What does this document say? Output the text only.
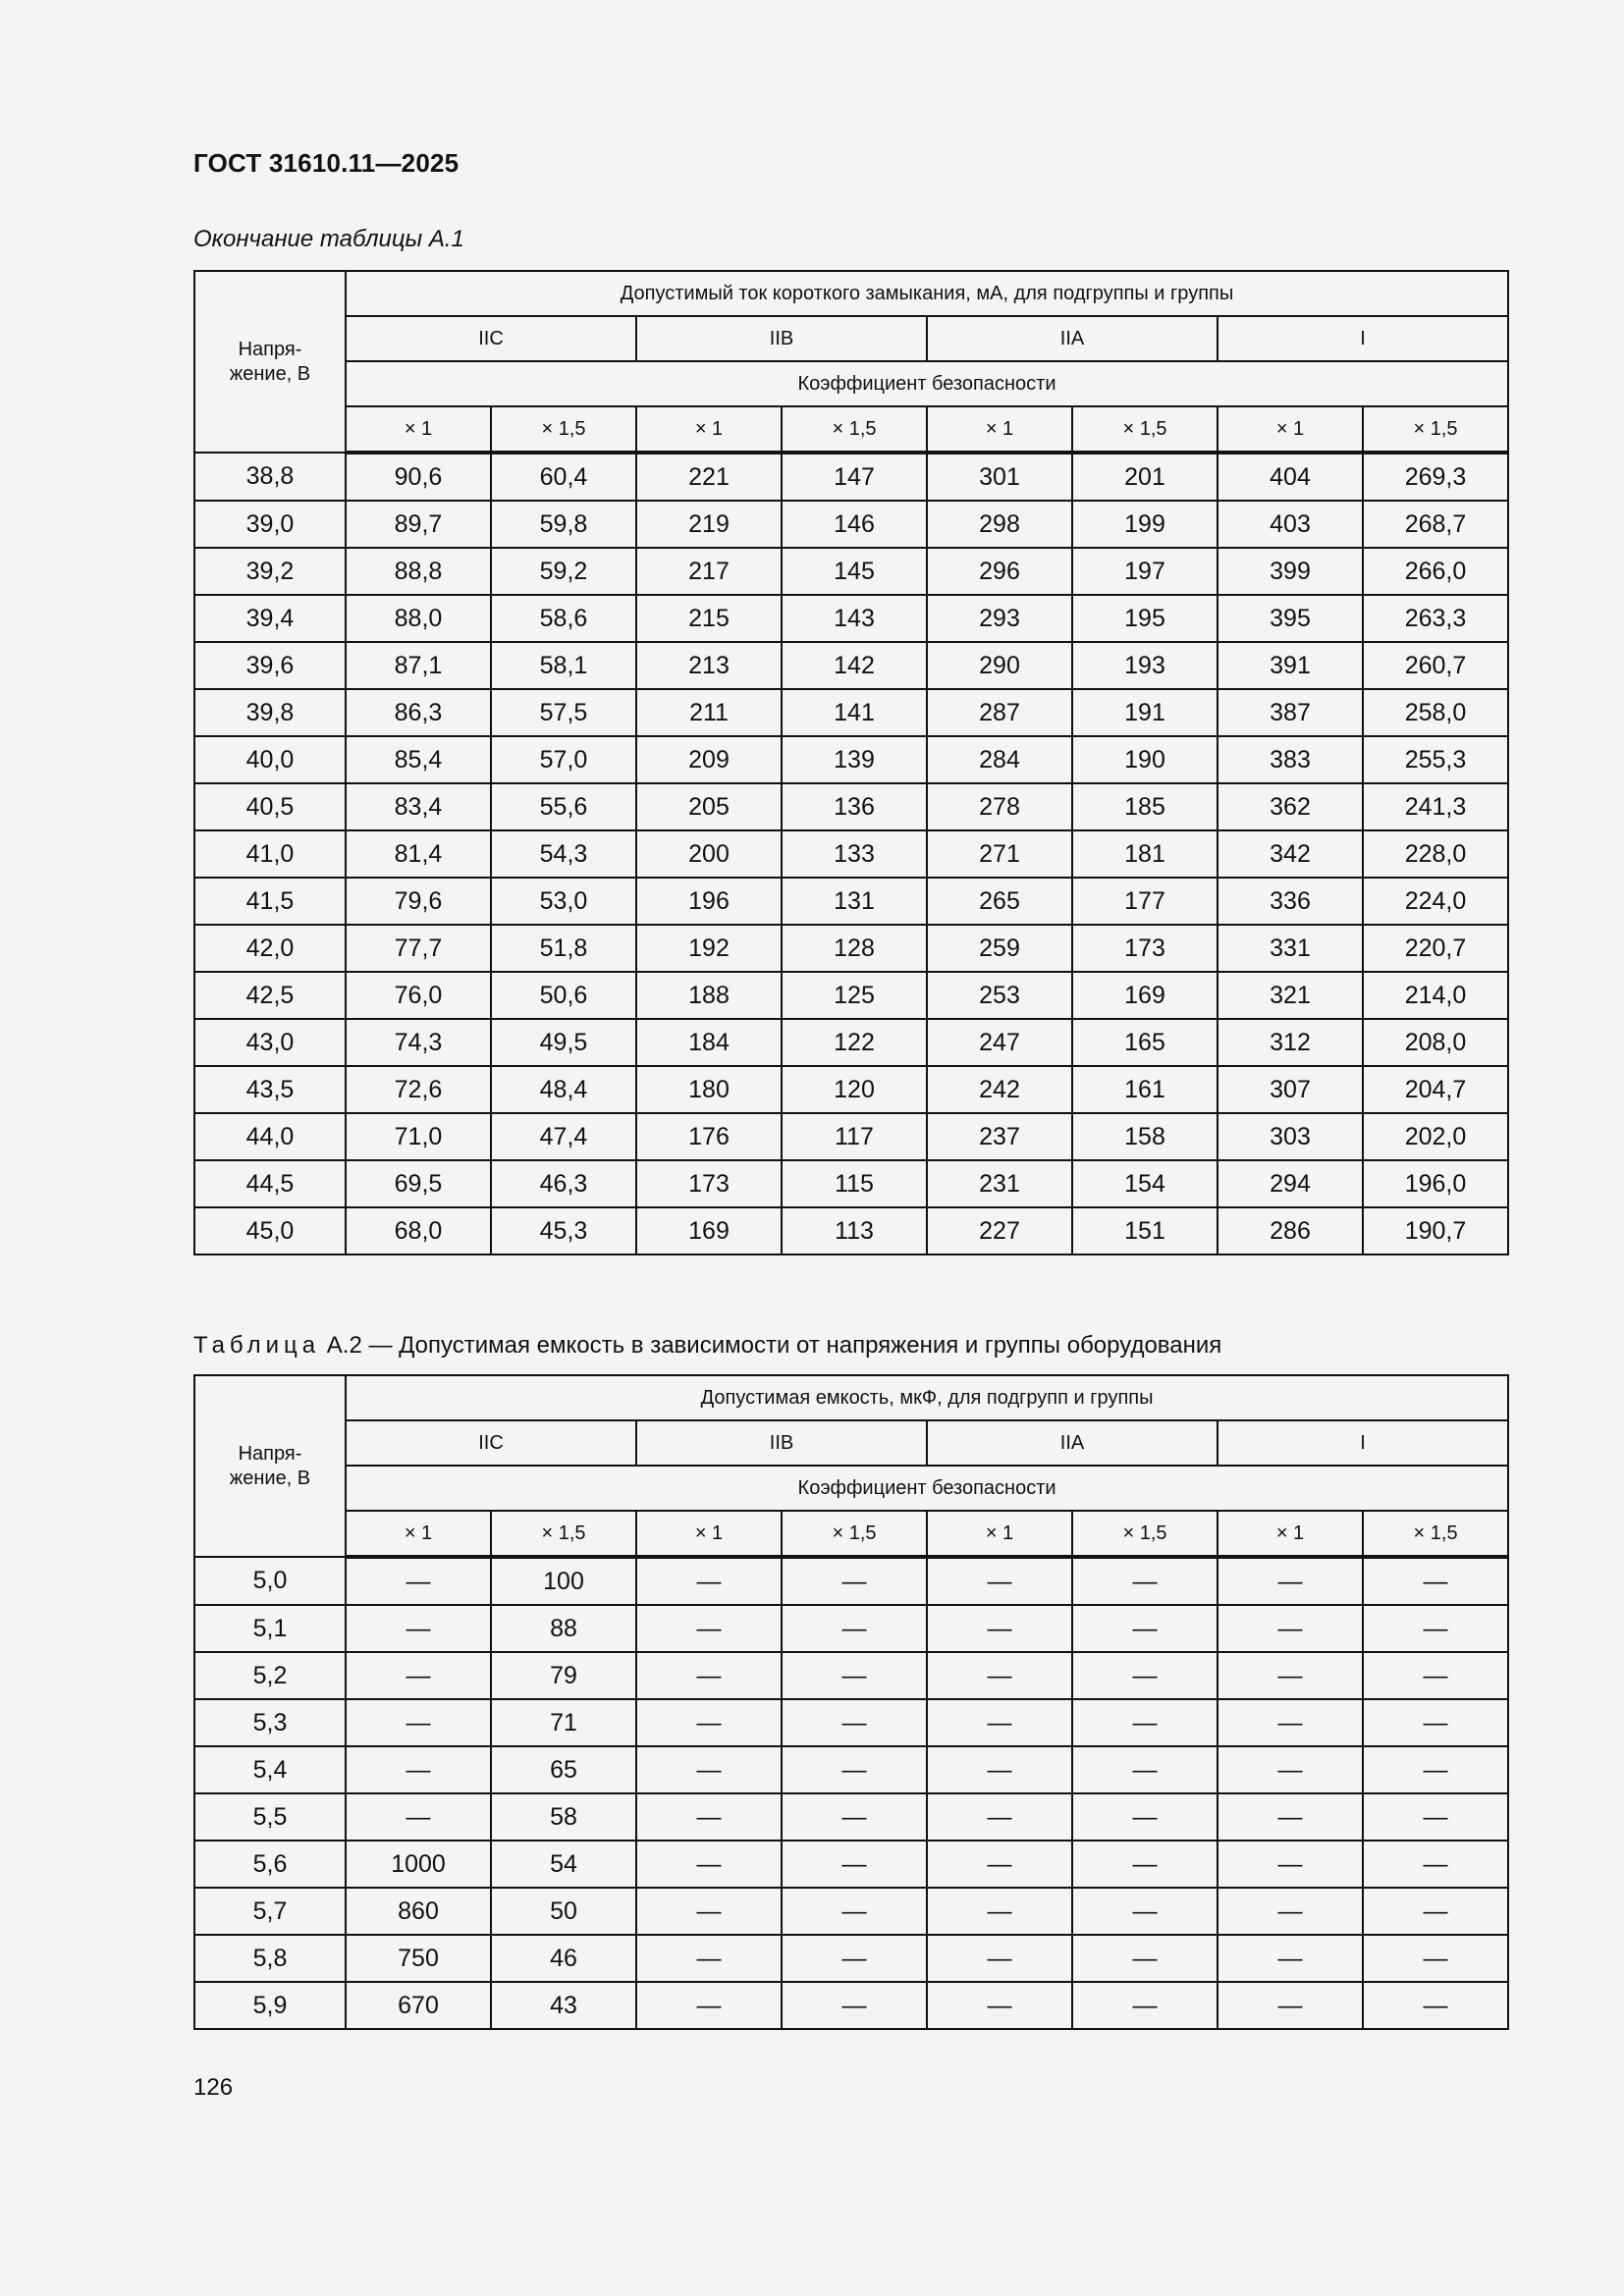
ГОСТ 31610.11—2025
Окончание таблицы А.1
Напря-
жение, В	Допустимый ток короткого замыкания, мА, для подгруппы и группы							
	IIC		IIB		IIA		I	
	Коэффициент безопасности							
	× 1	× 1,5	× 1	× 1,5	× 1	× 1,5	× 1	× 1,5
38,8	90,6	60,4	221	147	301	201	404	269,3
39,0	89,7	59,8	219	146	298	199	403	268,7
39,2	88,8	59,2	217	145	296	197	399	266,0
39,4	88,0	58,6	215	143	293	195	395	263,3
39,6	87,1	58,1	213	142	290	193	391	260,7
39,8	86,3	57,5	211	141	287	191	387	258,0
40,0	85,4	57,0	209	139	284	190	383	255,3
40,5	83,4	55,6	205	136	278	185	362	241,3
41,0	81,4	54,3	200	133	271	181	342	228,0
41,5	79,6	53,0	196	131	265	177	336	224,0
42,0	77,7	51,8	192	128	259	173	331	220,7
42,5	76,0	50,6	188	125	253	169	321	214,0
43,0	74,3	49,5	184	122	247	165	312	208,0
43,5	72,6	48,4	180	120	242	161	307	204,7
44,0	71,0	47,4	176	117	237	158	303	202,0
44,5	69,5	46,3	173	115	231	154	294	196,0
45,0	68,0	45,3	169	113	227	151	286	190,7
Таблица А.2 — Допустимая емкость в зависимости от напряжения и группы оборудования
Напря-
жение, В	Допустимая емкость, мкФ, для подгрупп и группы							
	IIC		IIB		IIA		I	
	Коэффициент безопасности							
	× 1	× 1,5	× 1	× 1,5	× 1	× 1,5	× 1	× 1,5
5,0	—	100	—	—	—	—	—	—
5,1	—	88	—	—	—	—	—	—
5,2	—	79	—	—	—	—	—	—
5,3	—	71	—	—	—	—	—	—
5,4	—	65	—	—	—	—	—	—
5,5	—	58	—	—	—	—	—	—
5,6	1000	54	—	—	—	—	—	—
5,7	860	50	—	—	—	—	—	—
5,8	750	46	—	—	—	—	—	—
5,9	670	43	—	—	—	—	—	—
126
